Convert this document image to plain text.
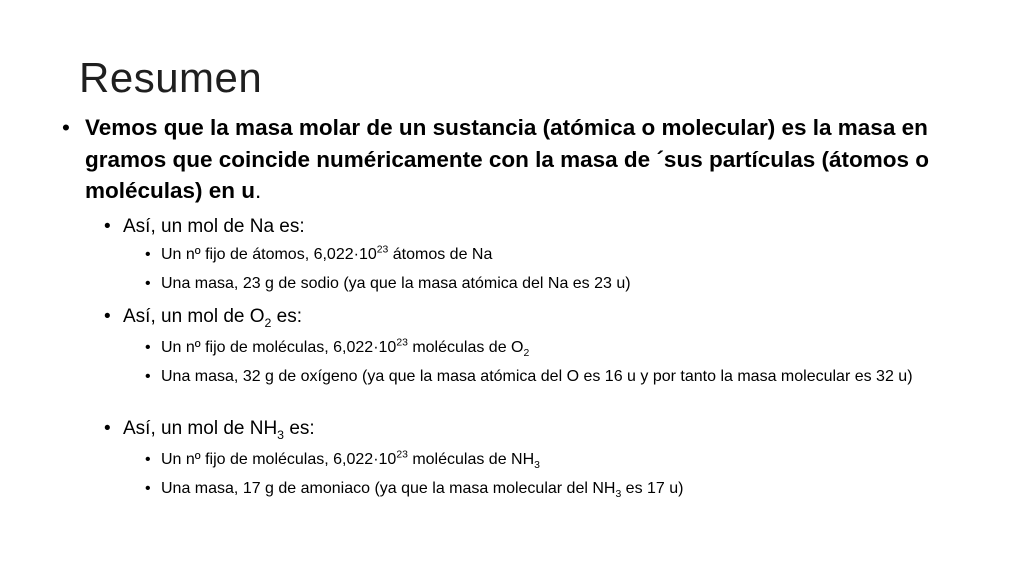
Resumen
• Vemos que la masa molar de un sustancia (atómica o molecular) es la masa en gramos que coincide numéricamente con la masa de ´sus partículas (átomos o moléculas) en u.
• Así, un mol de Na es:
• Un nº fijo de átomos, $6,022\cdot 10^{23}$ átomos de Na
• Una masa, 23 g de sodio (ya que la masa atómica del Na es 23 u)
• Así, un mol de $O_2$ es:
• Un nº fijo de moléculas, $6,022\cdot 10^{23}$ moléculas de $O_2$
• Una masa, 32 g de oxígeno (ya que la masa atómica del O es 16 u y por tanto la masa molecular es 32 u)
• Así, un mol de $NH_3$ es:
• Un nº fijo de moléculas, $6,022\cdot 10^{23}$ moléculas de $NH_3$
• Una masa, 17 g de amoniaco (ya que la masa molecular del $NH_3$ es 17 u)
